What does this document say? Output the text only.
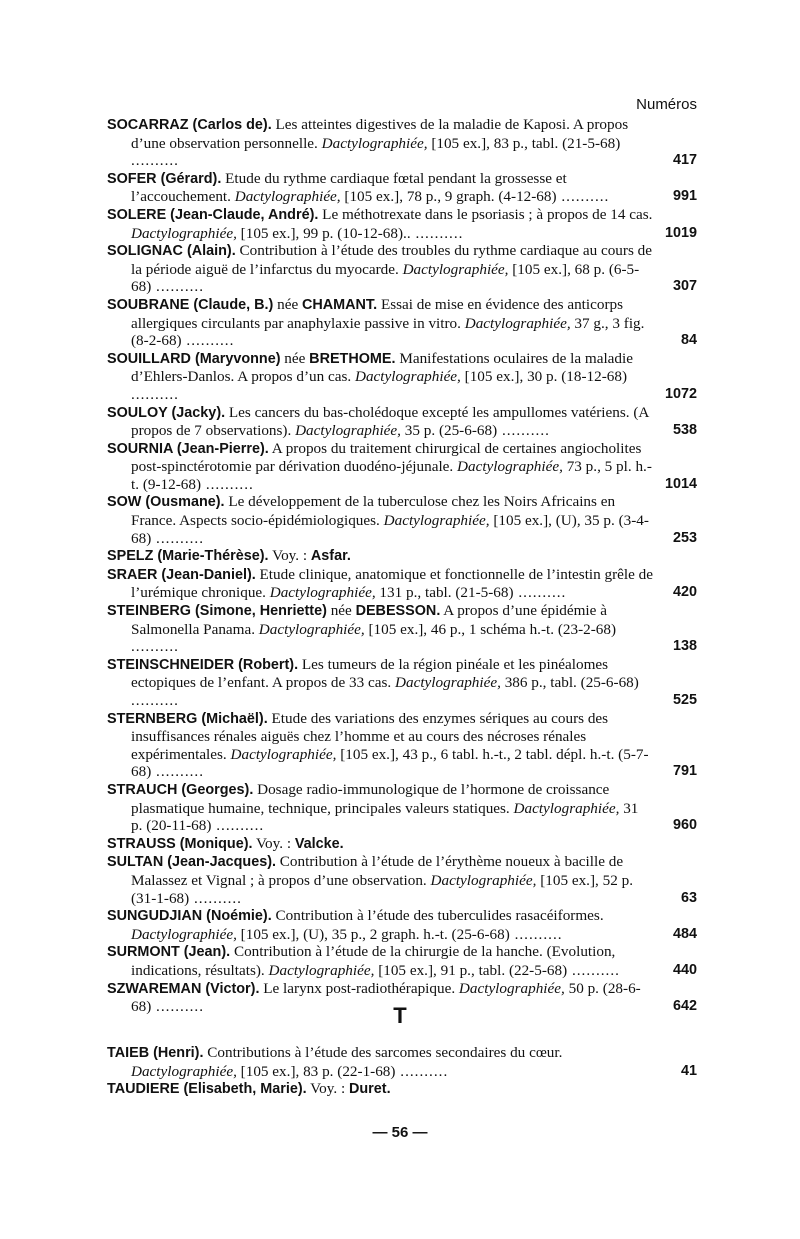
Numéros
SOCARRAZ (Carlos de). Les atteintes digestives de la maladie de Kaposi. A propos d’une observation personnelle. Dactylographiée, [105 ex.], 83 p., tabl. (21-5-68) ..........	417
SOFER (Gérard). Etude du rythme cardiaque fœtal pendant la grossesse et l’accouchement. Dactylographiée, [105 ex.], 78 p., 9 graph. (4-12-68) ..........	991
SOLERE (Jean-Claude, André). Le méthotrexate dans le psoriasis ; à propos de 14 cas. Dactylographiée, [105 ex.], 99 p. (10-12-68).. ..........	1019
SOLIGNAC (Alain). Contribution à l’étude des troubles du rythme cardiaque au cours de la période aiguë de l’infarctus du myocarde. Dactylographiée, [105 ex.], 68 p. (6-5-68) ..........	307
SOUBRANE (Claude, B.) née CHAMANT. Essai de mise en évidence des anticorps allergiques circulants par anaphylaxie passive in vitro. Dactylographiée, 37 g., 3 fig. (8-2-68) ..........	84
SOUILLARD (Maryvonne) née BRETHOME. Manifestations oculaires de la maladie d’Ehlers-Danlos. A propos d’un cas. Dactylographiée, [105 ex.], 30 p. (18-12-68) ..........	1072
SOULOY (Jacky). Les cancers du bas-cholédoque excepté les ampullomes vatériens. (A propos de 7 observations). Dactylographiée, 35 p. (25-6-68) ..........	538
SOURNIA (Jean-Pierre). A propos du traitement chirurgical de certaines angiocholites post-spinctérotomie par dérivation duodéno-jéjunale. Dactylographiée, 73 p., 5 pl. h.-t. (9-12-68) ..........	1014
SOW (Ousmane). Le développement de la tuberculose chez les Noirs Africains en France. Aspects socio-épidémiologiques. Dactylographiée, [105 ex.], (U), 35 p. (3-4-68) ..........	253
SPELZ (Marie-Thérèse). Voy. : Asfar.
SRAER (Jean-Daniel). Etude clinique, anatomique et fonctionnelle de l’intestin grêle de l’urémique chronique. Dactylographiée, 131 p., tabl. (21-5-68) ..........	420
STEINBERG (Simone, Henriette) née DEBESSON. A propos d’une épidémie à Salmonella Panama. Dactylographiée, [105 ex.], 46 p., 1 schéma h.-t. (23-2-68) ..........	138
STEINSCHNEIDER (Robert). Les tumeurs de la région pinéale et les pinéalomes ectopiques de l’enfant. A propos de 33 cas. Dactylographiée, 386 p., tabl. (25-6-68) ..........	525
STERNBERG (Michaël). Etude des variations des enzymes sériques au cours des insuffisances rénales aiguës chez l’homme et au cours des nécroses rénales expérimentales. Dactylographiée, [105 ex.], 43 p., 6 tabl. h.-t., 2 tabl. dépl. h.-t. (5-7-68) ..........	791
STRAUCH (Georges). Dosage radio-immunologique de l’hormone de croissance plasmatique humaine, technique, principales valeurs statiques. Dactylographiée, 31 p. (20-11-68) ..........	960
STRAUSS (Monique). Voy. : Valcke.
SULTAN (Jean-Jacques). Contribution à l’étude de l’érythème noueux à bacille de Malassez et Vignal ; à propos d’une observation. Dactylographiée, [105 ex.], 52 p. (31-1-68) ..........	63
SUNGUDJIAN (Noémie). Contribution à l’étude des tuberculides rasacéiformes. Dactylographiée, [105 ex.], (U), 35 p., 2 graph. h.-t. (25-6-68) ..........	484
SURMONT (Jean). Contribution à l’étude de la chirurgie de la hanche. (Evolution, indications, résultats). Dactylographiée, [105 ex.], 91 p., tabl. (22-5-68) ..........	440
SZWAREMAN (Victor). Le larynx post-radiothérapique. Dactylographiée, 50 p. (28-6-68) ..........	642
T
TAIEB (Henri). Contributions à l’étude des sarcomes secondaires du cœur. Dactylographiée, [105 ex.], 83 p. (22-1-68) ..........	41
TAUDIERE (Elisabeth, Marie). Voy. : Duret.
— 56 —
